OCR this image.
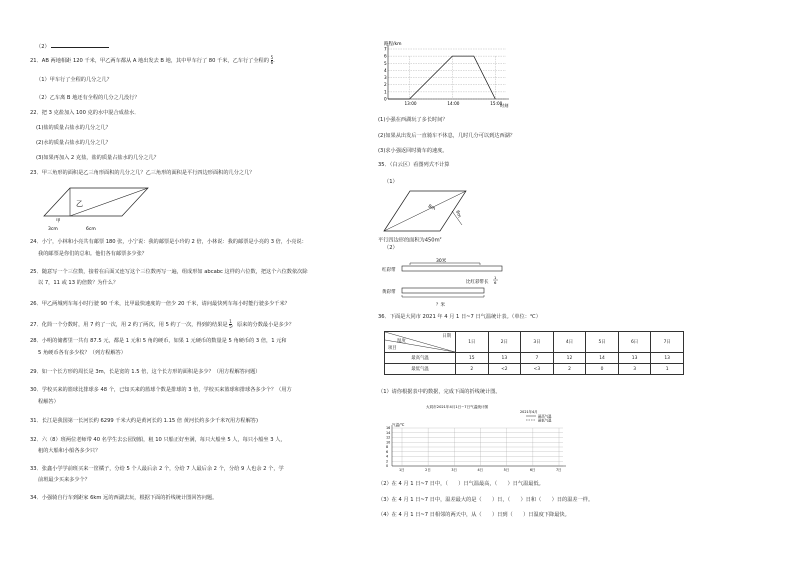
（2）
21．AB 两地相距 120 千米，甲乙两车都从 A 地出发去 B 地，其中甲车行了 80 千米，乙车行了全程的 $\frac{5}{6}$ .
（1）甲车行了全程的几分之几？
（2）乙车离 B 地还有全程的几分之几没行？
22．把 3 克盐加入 100 克的水中混合成盐水．
(1)盐的质量占盐水的几分之几？
(2)水的质量占盐水的几分之几？
(3)如果再加入 2 克盐，盐的质量占盐水的几分之几？
23．甲三角形的面积是乙三角形面积的几分之几？乙三角形的面积是平行四边形面积的几分之几？
乙
甲
3cm	6cm
24．小宁，小林和小亮共有邮票 180 张，小宁说：我的邮票是小玲的 2 倍，小林说：我的邮票是小亮的 3 倍，小亮说：
我的邮票是你们的总和。他们各有邮票多少张？
25．随意写一个三位数，接着在后面又连写这个三位数再写一遍，组成形如 abcabc 这样的六位数，把这个六位数依次除
以 7，11 或 13 的倍数？为什么？
26．甲乙两城列车每小时行驶 90 千米，比甲最快速度的一倍少 20 千米，请问最快列车每小时能行驶多少千米？
27．化简一个分数时，用 7 约了一次，用 2 约了两次，用 5 约了一次，得到的结果是 $\frac{1}{5}$ ，原来的分数最小是多少？
28．小明的储蓄里一共有 87.5 元，都是 1 元和 5 角的硬币，如果 1 元硬币的数量是 5 角硬币的 3 倍，1 元和
5 角硬币各有多少枚？（列方程解答）
29．如一个长方形的周长是 3m，长是宽的 1.5 倍，这个长方形的面积是多少？（用方程解答问题）
30．学校买来的篮球比排球多 48 个，已知买来的篮球个数是排球的 3 倍，学校买来篮球和排球各多少个？（用方
程解答）
31．长江是我国第一长河长约 6299 千米大约是黄河长的 1.15 倍 黄河长约多少千米?(用方程解答)
32．六（8）班两位老师带 40 名学生去公园划船，租 10 只船正好坐满，每只大船坐 5 人，每只小船坐 3 人，
租的大船和小船各多少只？
33．张鑫小学学前班买来一筐橘子，分给 5 个人最后余 2 个，分给 7 人最后余 2 个，分给 9 人也余 2 个，学
前班最少买来多少个？
34．小强骑自行车到距家 6km 远的西湖去玩，根据下面的折线统计图回答问题。
路程/km
0
1
2
3
4
5
6
7
13:00	14:00	15:00
时刻
(1)小强在西湖玩了多长时间？
(2)如果从出发后一直骑车不休息，几时几分可以到达西湖？
(3)求小强返回时骑车的速度。
35．（白云区）看图列式不计算
（1）
8m
6m
平行四边形的面积为$450m^2$
（2）
红彩带
30米
比红彩带长
1
6
黄彩带
？米
36．下面是大同市 2021 年 4 月 1 日~7 日气温统计表。（单位：℃）
日期
温度
项目	1日	2日	3日	4日	5日	6日	7日
最高气温	15	13	7	12	14	13	13
最低气温	2	<2	<3	2	0	3	1
（1）请你根据表中的数据，完成下面的折线统计图。
大同市2021年4月1日~7日气温统计图
2021年4月
最高气温
最低气温
气温/℃
0
2
4
6
8
10
12
14
16
1日	2日	3日	4日	5日	6日	7日
（2）在 4 月 1 日~7 日中，（　　）日气温最高，（　　）日气温最低。
（3）在 4 月 1 日~7 日中，温差最大的是（　　）日，（　　）日和（　　）日的温差一样。
（4）在 4 月 1 日~7 日相邻的两天中，从（　　）日到（　　）日温度下降最快。
